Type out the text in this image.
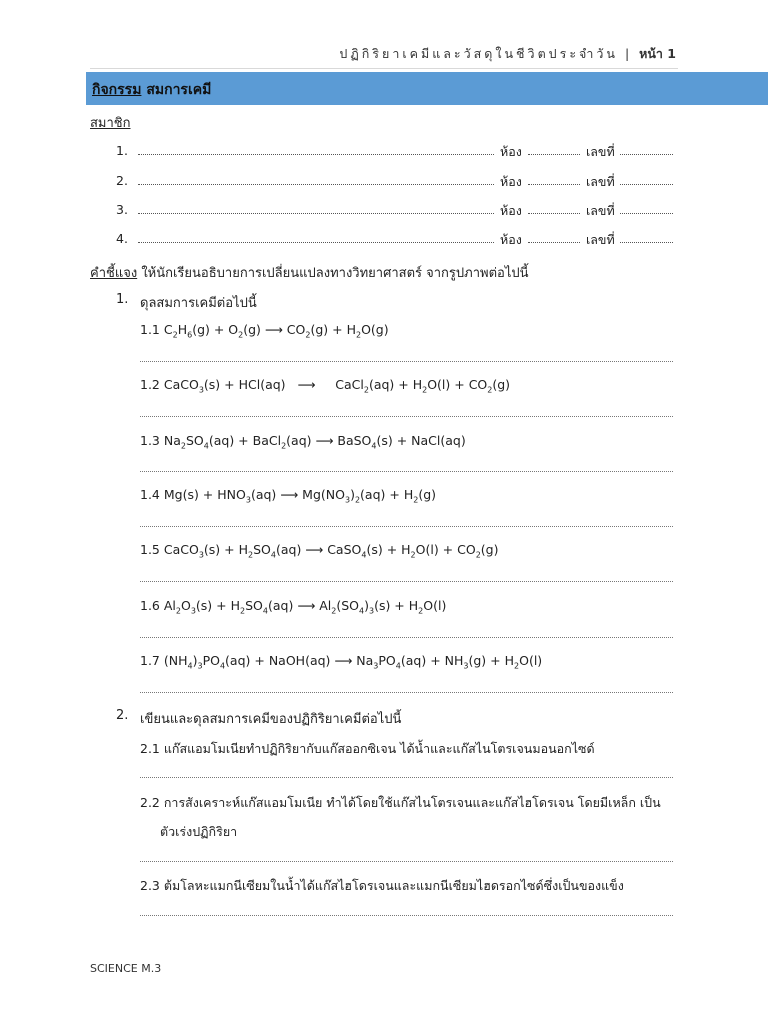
ปฏิกิริยาเคมีและวัสดุในชีวิตประจำวัน | หน้า 1
กิจกรรม สมการเคมี
สมาชิก
1.	ห้อง	เลขที่
2.	ห้อง	เลขที่
3.	ห้อง	เลขที่
4.	ห้อง	เลขที่
คำชี้แจง ให้นักเรียนอธิบายการเปลี่ยนแปลงทางวิทยาศาสตร์ จากรูปภาพต่อไปนี้
1. ดุลสมการเคมีต่อไปนี้
1.1 $C_2H_6(g) + O_2(g)$ ⟶ $CO_2(g) + H_2O(g)$
1.2 CaCO$_3$(s) + HCl(aq)   ⟶     CaCl$_2$(aq) + $H_2O(l) + CO_2(g)$
1.3 $Na_2SO_4(aq)$ + BaCl$_2$(aq) ⟶ BaSO$_4$(s) + NaCl(aq)
1.4 $Mg(s) + HNO_3(aq)$ ⟶ $Mg(NO_3)_2(aq) + H_2(g)$
1.5 CaCO$_3$(s) + $H_2SO_4(aq)$ ⟶ CaSO$_4$(s) + $H_2O(l) + CO_2(g)$
1.6 $Al_2O_3(s) + H_2SO_4(aq)$ ⟶ $Al_2(SO_4)_3(s) + H_2O(l)$
1.7 $(NH_4)_3PO_4(aq)$ + NaOH(aq) ⟶ $Na_3PO_4(aq) + NH_3(g) + H_2O(l)$
2. เขียนและดุลสมการเคมีของปฏิกิริยาเคมีต่อไปนี้
2.1 แก๊สแอมโมเนียทำปฏิกิริยากับแก๊สออกซิเจน ได้น้ำและแก๊สไนโตรเจนมอนอกไซด์
2.2 การสังเคราะห์แก๊สแอมโมเนีย ทำได้โดยใช้แก๊สไนโตรเจนและแก๊สไฮโดรเจน โดยมีเหล็ก เป็น
ตัวเร่งปฏิกิริยา
2.3 ต้มโลหะแมกนีเซียมในน้ำได้แก๊สไฮโดรเจนและแมกนีเซียมไฮดรอกไซด์ซึ่งเป็นของแข็ง
SCIENCE M.3
